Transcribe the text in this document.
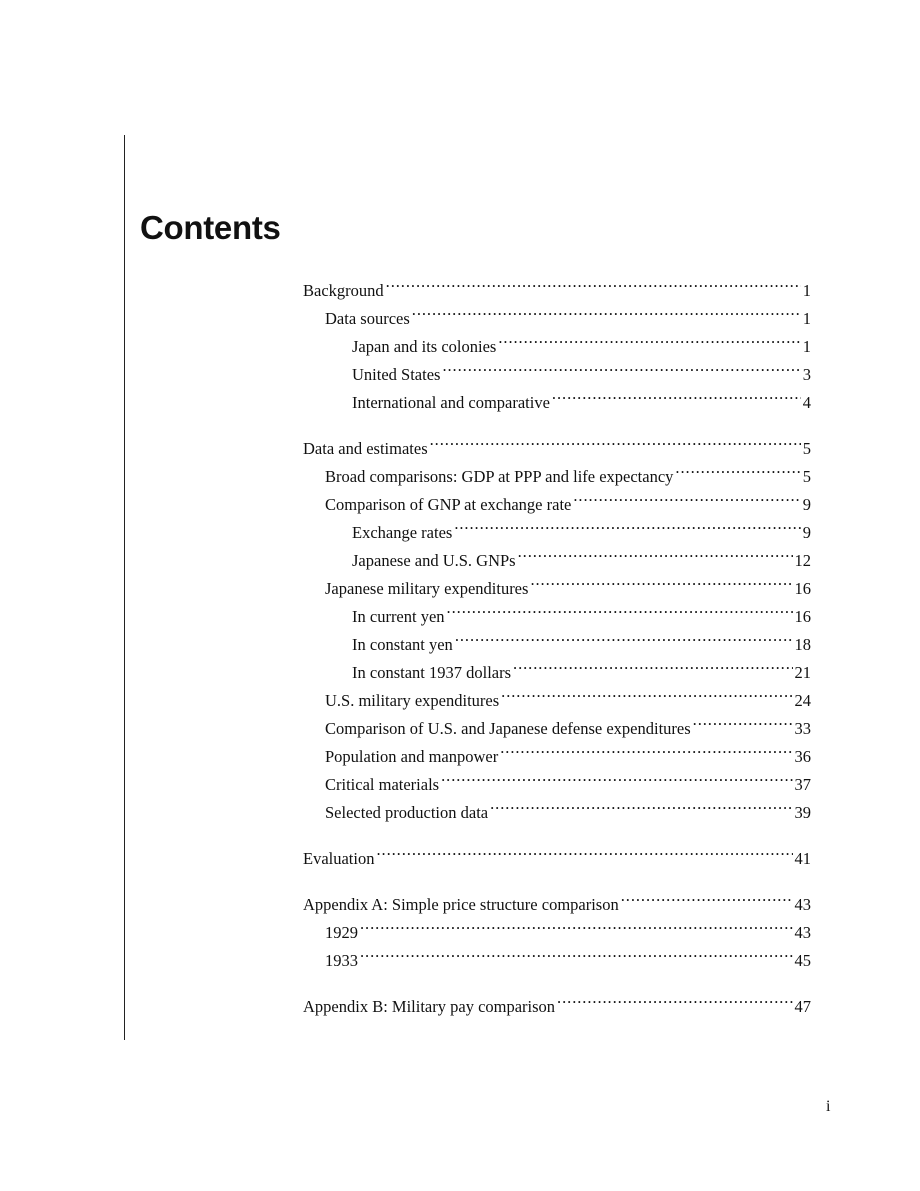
Contents
Background . . .	1
Data sources . . .	1
Japan and its colonies . . .	1
United States . . .	3
International and comparative . . .	4
Data and estimates . . .	5
Broad comparisons: GDP at PPP and life expectancy . . .	5
Comparison of GNP at exchange rate . . .	9
Exchange rates . . .	9
Japanese and U.S. GNPs . . .	12
Japanese military expenditures . . .	16
In current yen . . .	16
In constant yen . . .	18
In constant 1937 dollars . . .	21
U.S. military expenditures . . .	24
Comparison of U.S. and Japanese defense expenditures . . .	33
Population and manpower . . .	36
Critical materials . . .	37
Selected production data . . .	39
Evaluation . . .	41
Appendix A: Simple price structure comparison . . .	43
1929 . . .	43
1933 . . .	45
Appendix B: Military pay comparison . . .	47
i
